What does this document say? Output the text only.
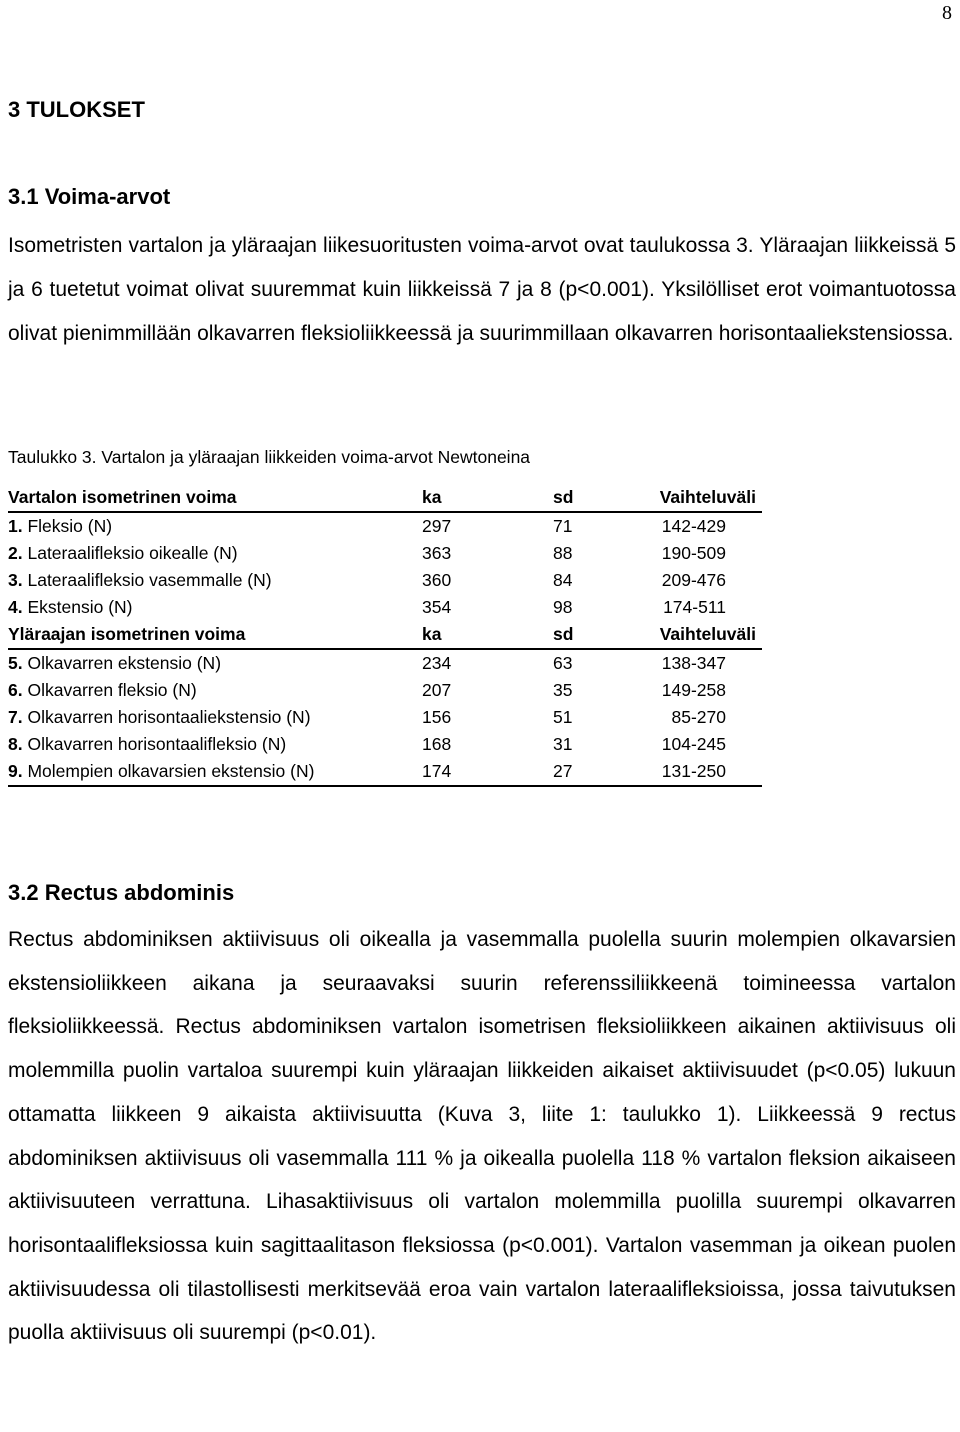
8
3 TULOKSET
3.1 Voima-arvot
Isometristen vartalon ja yläraajan liikesuoritusten voima-arvot ovat taulukossa 3. Yläraajan liikkeissä 5 ja 6 tuetetut voimat olivat suuremmat kuin liikkeissä 7 ja 8 (p<0.001). Yksilölliset erot voimantuotossa olivat pienimmillään olkavarren fleksioliikkeessä ja suurimmillaan olkavarren horisontaaliekstensiossa.
Taulukko 3. Vartalon ja yläraajan liikkeiden voima-arvot Newtoneina
Vartalon isometrinen voima	ka	sd	Vaihteluväli
1. Fleksio (N)	297	71	142-429
2. Lateraalifleksio oikealle (N)	363	88	190-509
3. Lateraalifleksio vasemmalle (N)	360	84	209-476
4. Ekstensio (N)	354	98	174-511
Yläraajan isometrinen voima	ka	sd	Vaihteluväli
5. Olkavarren ekstensio (N)	234	63	138-347
6. Olkavarren fleksio (N)	207	35	149-258
7. Olkavarren horisontaaliekstensio (N)	156	51	85-270
8. Olkavarren horisontaalifleksio (N)	168	31	104-245
9. Molempien olkavarsien ekstensio (N)	174	27	131-250
3.2 Rectus abdominis
Rectus abdominiksen aktiivisuus oli oikealla ja vasemmalla puolella suurin molempien olkavarsien ekstensioliikkeen aikana ja seuraavaksi suurin referenssiliikkeenä toimineessa vartalon fleksioliikkeessä. Rectus abdominiksen vartalon isometrisen fleksioliikkeen aikainen aktiivisuus oli molemmilla puolin vartaloa suurempi kuin yläraajan liikkeiden aikaiset aktiivisuudet (p<0.05) lukuun ottamatta liikkeen 9 aikaista aktiivisuutta (Kuva 3, liite 1: taulukko 1). Liikkeessä 9 rectus abdominiksen aktiivisuus oli vasemmalla 111 % ja oikealla puolella 118 % vartalon fleksion aikaiseen aktiivisuuteen verrattuna. Lihasaktiivisuus oli vartalon molemmilla puolilla suurempi olkavarren horisontaalifleksiossa kuin sagittaalitason fleksiossa (p<0.001). Vartalon vasemman ja oikean puolen aktiivisuudessa oli tilastollisesti merkitsevää eroa vain vartalon lateraalifleksioissa, jossa taivutuksen puolla aktiivisuus oli suurempi (p<0.01).
